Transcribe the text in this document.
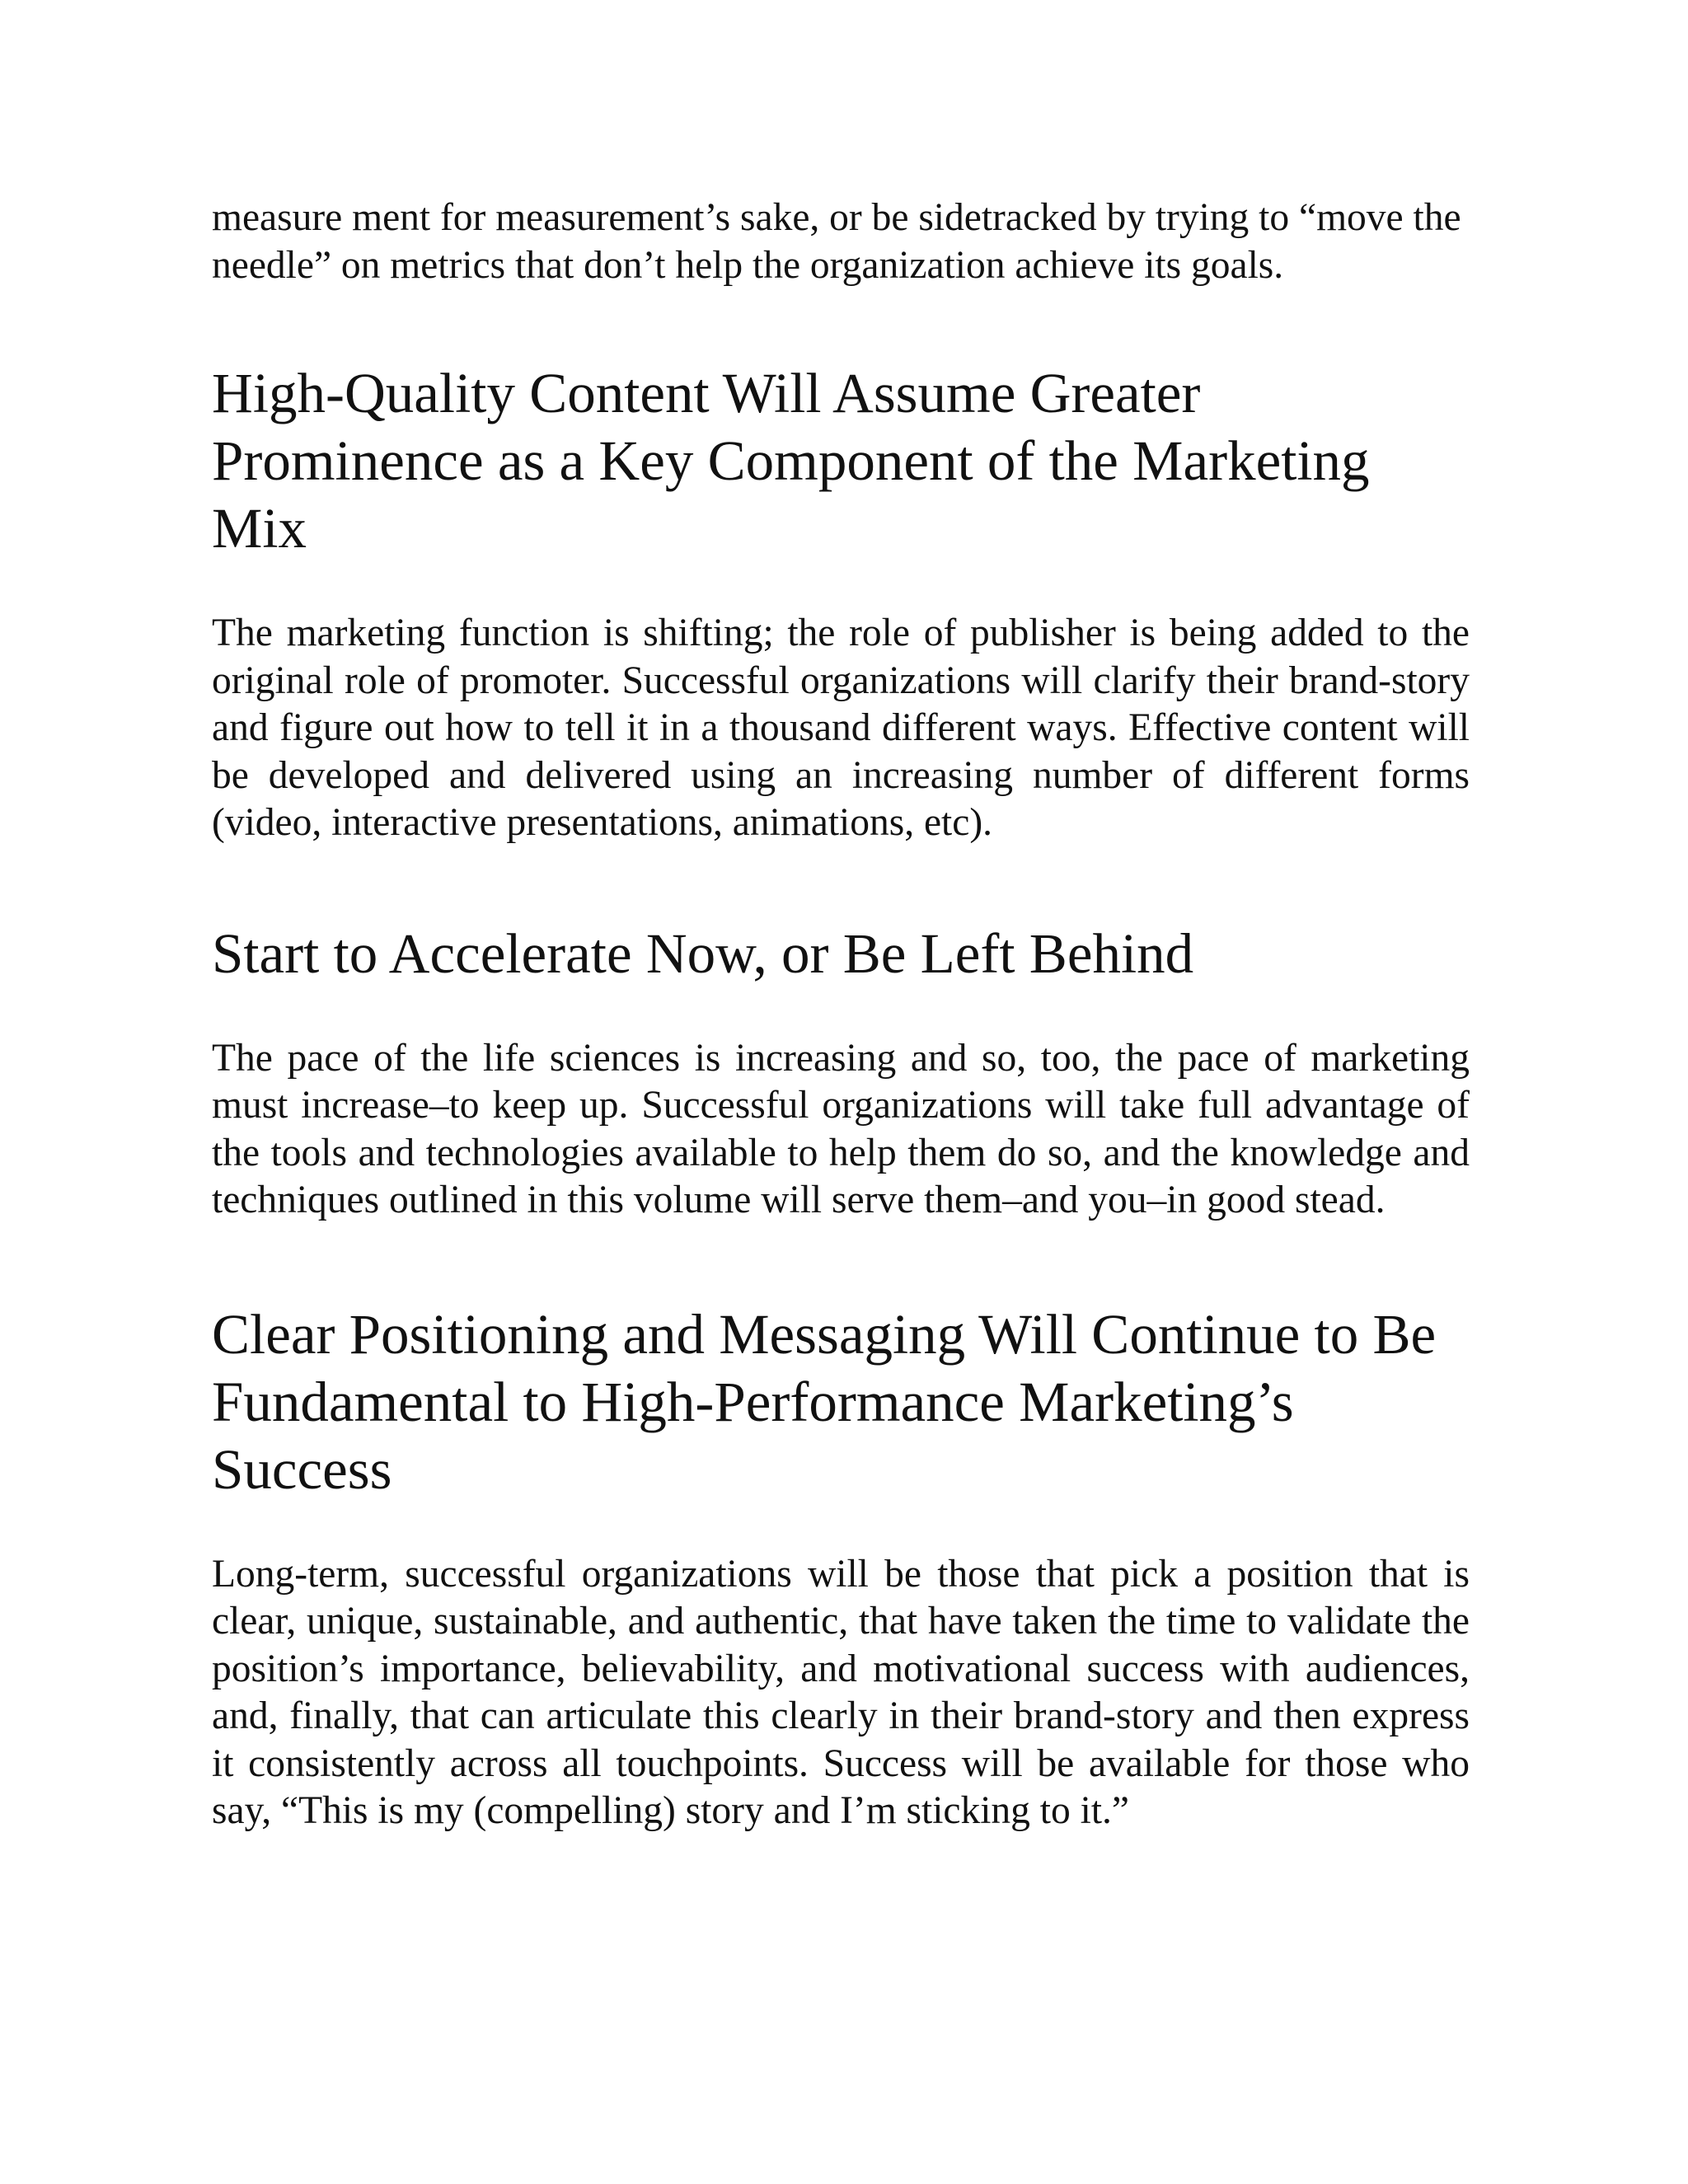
measure ment for measurement’s sake, or be sidetracked by trying to “move the needle” on metrics that don’t help the organization achieve its goals.

High-Quality Content Will Assume Greater Prominence as a Key Component of the Marketing Mix

The marketing function is shifting; the role of publisher is being added to the original role of promoter. Successful organizations will clarify their brand-story and figure out how to tell it in a thousand different ways. Effective content will be developed and delivered using an increasing number of different forms (video, interactive presentations, animations, etc).

Start to Accelerate Now, or Be Left Behind

The pace of the life sciences is increasing and so, too, the pace of marketing must increase–to keep up. Successful organizations will take full advantage of the tools and technologies available to help them do so, and the knowledge and techniques outlined in this volume will serve them–and you–in good stead.

Clear Positioning and Messaging Will Continue to Be Fundamental to High-Performance Marketing’s Success

Long-term, successful organizations will be those that pick a position that is clear, unique, sustainable, and authentic, that have taken the time to validate the position’s importance, believability, and motivational success with audiences, and, finally, that can articulate this clearly in their brand-story and then express it consistently across all touchpoints. Success will be available for those who say, “This is my (compelling) story and I’m sticking to it.”
